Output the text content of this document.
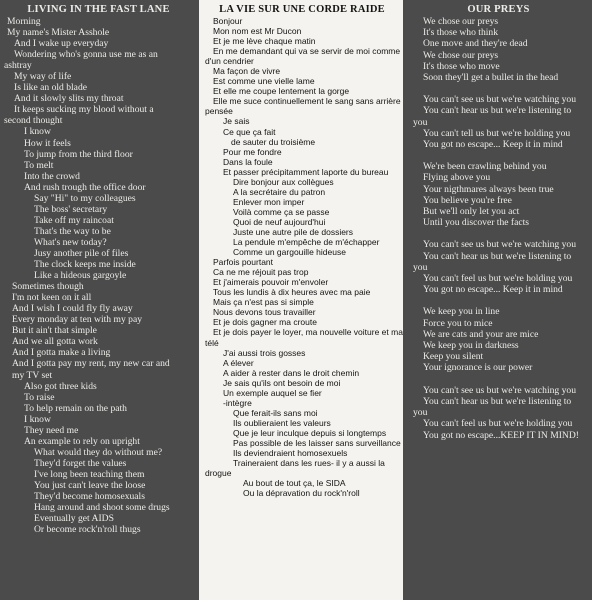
LIVING IN THE FAST LANE
Morning
My name's Mister Asshole
And I wake up everyday
Wondering who's gonna use me as an
ashtray
My way of life
Is like an old blade
And it slowly slits my throat
It keeps sucking my blood without a
second thought
I know
How it feels
To jump from the third floor
To melt
Into the crowd
And rush trough the office door
Say "Hi" to my colleagues
The boss' secretary
Take off my raincoat
That's the way to be
What's new today?
Jusy another pile of files
The clock keeps me inside
Like a hideous gargoyle
Sometimes though
I'm not keen on it all
And I wish I could fly fly away
Every monday at ten with my pay
But it ain't that simple
And we all gotta work
And I gotta make a living
And I gotta pay my rent, my new car and
my TV set
Also got three kids
To raise
To help remain on the path
I know
They need me
An example to rely on upright
What would they do without me?
They'd forget the values
I've long been teaching them
You just can't leave the loose
They'd become homosexuals
Hang around and shoot some drugs
Eventually get AIDS
Or become rock'n'roll thugs
LA VIE SUR UNE CORDE RAIDE
Bonjour
Mon nom est Mr Ducon
Et je me lève chaque matin
En me demandant qui va se servir de moi comme
d'un cendrier
Ma façon de vivre
Est comme une vielle lame
Et elle me coupe lentement la gorge
Elle me suce continuellement le sang sans arrière
pensée
Je sais
Ce que ça fait
de sauter du troisième
Pour me fondre
Dans la foule
Et passer précipitamment laporte du bureau
Dire bonjour aux collègues
A la secrétaire du patron
Enlever mon imper
Voilà comme ça se passe
Quoi de neuf aujourd'hui
Juste une autre pile de dossiers
La pendule m'empêche de m'échapper
Comme un gargouille hideuse
Parfois pourtant
Ca ne me réjouit pas trop
Et j'aimerais pouvoir m'envoler
Tous les lundis à dix heures avec ma paie
Mais ça n'est pas si simple
Nous devons tous travailler
Et je dois gagner ma croute
Et je dois payer le loyer, ma nouvelle voiture et ma
télé
J'ai aussi trois gosses
A élever
A aider à rester dans le droit chemin
Je sais qu'ils ont besoin de moi
Un exemple auquel se fier
-intègre
Que ferait-ils sans moi
Ils oublieraient les valeurs
Que je leur inculque depuis si longtemps
Pas possible de les laisser sans surveillance
Ils deviendraient homosexuels
Traineraient dans les rues- il y a aussi la
drogue
Au bout de tout ça, le SIDA
Ou la dépravation du rock'n'roll
OUR PREYS
We chose our preys
It's those who think
One move and they're dead
We chose our preys
It's those who move
Soon they'll get a bullet in the head
You can't see us but we're watching you
You can't hear us but we're listening to
you
You can't tell us but we're holding you
You got no escape... Keep it in mind
We're been crawling behind you
Flying above you
Your nigthmares always been true
You believe you're free
But we'll only let you act
Until you discover the facts
You can't see us but we're watching you
You can't hear us but we're listening to
you
You can't feel us but we're holding you
You got no escape... Keep it in mind
We keep you in line
Force you to mice
We are cats and your are mice
We keep you in darkness
Keep you silent
Your ignorance is our power
You can't see us but we're watching you
You can't hear us but we're listening to
you
You can't feel us but we're holding you
You got no escape...KEEP IT IN MIND!
